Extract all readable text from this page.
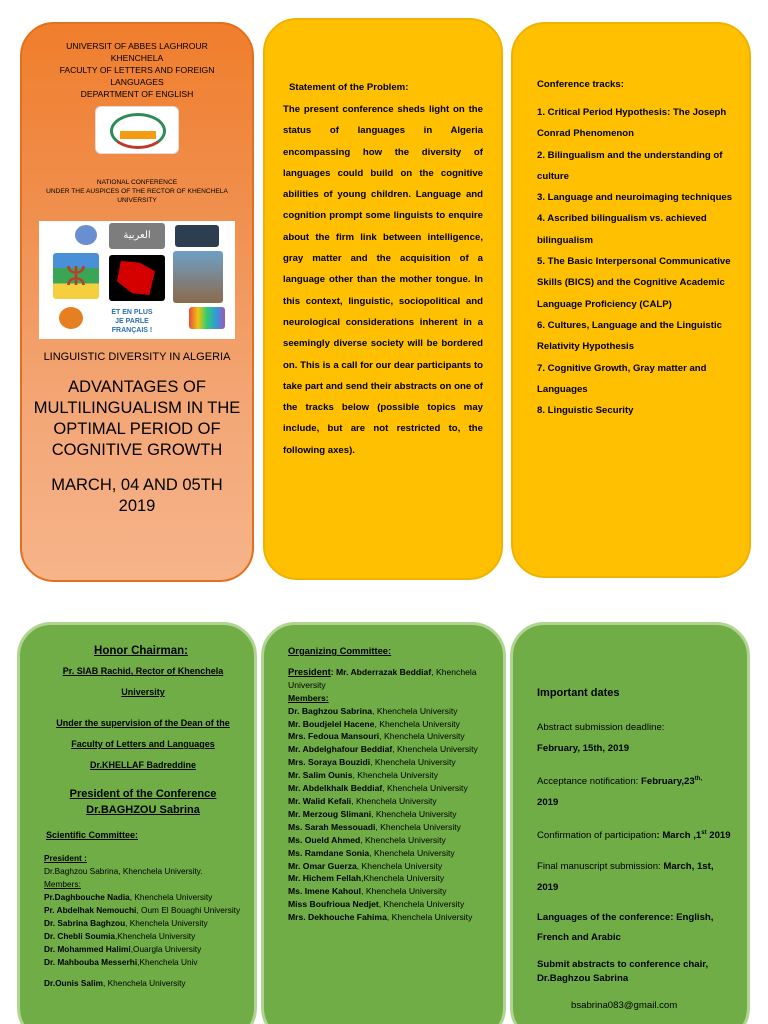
UNIVERSIT OF ABBES LAGHROUR
KHENCHELA
FACULTY OF LETTERS AND FOREIGN
LANGUAGES
DEPARTMENT OF ENGLISH
NATIONAL CONFERENCE
UNDER THE AUSPICES OF THE RECTOR OF KHENCHELA
UNIVERSITY
العربية
ⵣ
ET EN PLUS
JE PARLE FRANÇAIS !
LINGUISTIC DIVERSITY IN ALGERIA
ADVANTAGES OF MULTILINGUALISM IN THE OPTIMAL PERIOD OF COGNITIVE GROWTH
MARCH, 04 AND 05TH 2019
Statement of the Problem:
The present conference sheds light on the status of languages in Algeria encompassing how the diversity of languages could build on the cognitive abilities of young children. Language and cognition prompt some linguists to enquire about the firm link between intelligence, gray matter and the acquisition of a language other than the mother tongue. In this context, linguistic, sociopolitical and neurological considerations inherent in a seemingly diverse society will be bordered on. This is a call for our dear participants to take part and send their abstracts on one of the tracks below (possible topics may include, but are not restricted to, the following axes).
Conference tracks:
1. Critical Period Hypothesis: The Joseph Conrad Phenomenon
2. Bilingualism and the understanding of culture
3. Language and neuroimaging techniques
4. Ascribed bilingualism vs. achieved bilingualism
5. The Basic Interpersonal Communicative Skills (BICS) and the Cognitive Academic Language Proficiency (CALP)
6. Cultures, Language and the Linguistic Relativity Hypothesis
7. Cognitive Growth, Gray matter and Languages
8. Linguistic Security
Honor Chairman:
Pr. SIAB Rachid, Rector of Khenchela University
Under the supervision of the Dean of the Faculty of Letters and Languages
Dr.KHELLAF Badreddine
President of the Conference
Dr.BAGHZOU Sabrina
Scientific Committee:
President :
Dr.Baghzou Sabrina, Khenchela University.
Members:
Pr.Daghbouche Nadia, Khenchela University
Pr. Abdelhak Nemouchi, Oum El Bouaghi University
Dr. Sabrina Baghzou, Khenchela University
Dr. Chebli Soumia,Khenchela University
Dr. Mohammed Halimi,Ouargla University
Dr. Mahbouba Messerhi,Khenchela Univ
Dr.Ounis Salim, Khenchela University
Organizing Committee:
President: Mr. Abderrazak Beddiaf, Khenchela University
Members:
Dr. Baghzou Sabrina, Khenchela University
Mr. Boudjelel Hacene, Khenchela University
Mrs. Fedoua Mansouri, Khenchela University
Mr. Abdelghafour Beddiaf, Khenchela University
Mrs. Soraya Bouzidi, Khenchela University
Mr. Salim Ounis, Khenchela University
Mr. Abdelkhalk Beddiaf, Khenchela University
Mr. Walid Kefali, Khenchela University
Mr. Merzoug Slimani, Khenchela University
Ms. Sarah Messouadi, Khenchela University
Ms. Oueld Ahmed, Khenchela University
Ms. Ramdane Sonia, Khenchela University
Mr. Omar Guerza, Khenchela University
Mr. Hichem Fellah,Khenchela University
Ms. Imene Kahoul, Khenchela University
Miss Boufrioua Nedjet, Khenchela University
Mrs. Dekhouche Fahima, Khenchela University
Important dates
Abstract submission deadline:
February, 15th, 2019
Acceptance notification: $February,23^{th,}$
2019
Confirmation of participation: March ,1st 2019
Final manuscript submission: March, 1st, 2019
Languages of the conference: English, French and Arabic
Submit abstracts to conference chair, Dr.Baghzou Sabrina
bsabrina083@gmail.com
